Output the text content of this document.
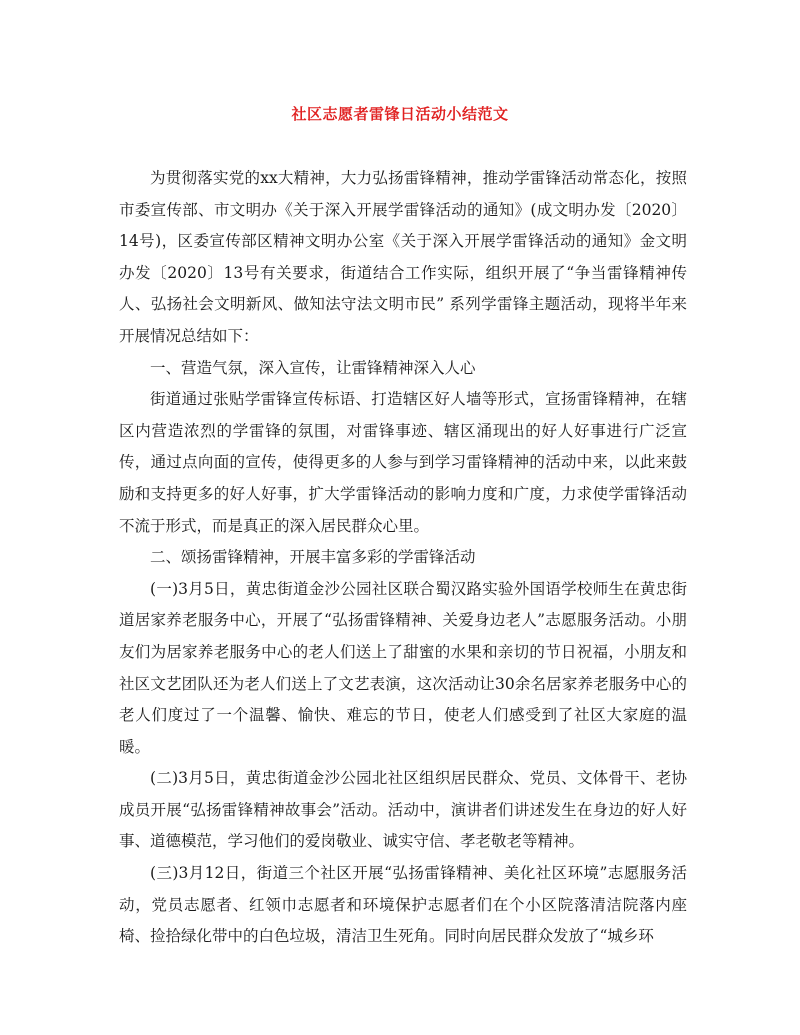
社区志愿者雷锋日活动小结范文

为贯彻落实党的xx大精神，大力弘扬雷锋精神，推动学雷锋活动常态化，按照市委宣传部、市文明办《关于深入开展学雷锋活动的通知》(成文明办发〔2020〕14号)，区委宣传部区精神文明办公室《关于深入开展学雷锋活动的通知》金文明办发〔2020〕13号有关要求，街道结合工作实际，组织开展了“争当雷锋精神传人、弘扬社会文明新风、做知法守法文明市民” 系列学雷锋主题活动，现将半年来开展情况总结如下：

一、营造气氛，深入宣传，让雷锋精神深入人心

街道通过张贴学雷锋宣传标语、打造辖区好人墙等形式，宣扬雷锋精神，在辖区内营造浓烈的学雷锋的氛围，对雷锋事迹、辖区涌现出的好人好事进行广泛宣传，通过点向面的宣传，使得更多的人参与到学习雷锋精神的活动中来，以此来鼓励和支持更多的好人好事，扩大学雷锋活动的影响力度和广度，力求使学雷锋活动不流于形式，而是真正的深入居民群众心里。

二、颂扬雷锋精神，开展丰富多彩的学雷锋活动

(一)3月5日，黄忠街道金沙公园社区联合蜀汉路实验外国语学校师生在黄忠街道居家养老服务中心，开展了“弘扬雷锋精神、关爱身边老人”志愿服务活动。小朋友们为居家养老服务中心的老人们送上了甜蜜的水果和亲切的节日祝福，小朋友和社区文艺团队还为老人们送上了文艺表演，这次活动让30余名居家养老服务中心的老人们度过了一个温馨、愉快、难忘的节日，使老人们感受到了社区大家庭的温暖。

(二)3月5日，黄忠街道金沙公园北社区组织居民群众、党员、文体骨干、老协成员开展“弘扬雷锋精神故事会”活动。活动中，演讲者们讲述发生在身边的好人好事、道德模范，学习他们的爱岗敬业、诚实守信、孝老敬老等精神。

(三)3月12日，街道三个社区开展“弘扬雷锋精神、美化社区环境”志愿服务活动，党员志愿者、红领巾志愿者和环境保护志愿者们在个小区院落清洁院落内座椅、捡拾绿化带中的白色垃圾，清洁卫生死角。同时向居民群众发放了“城乡环
